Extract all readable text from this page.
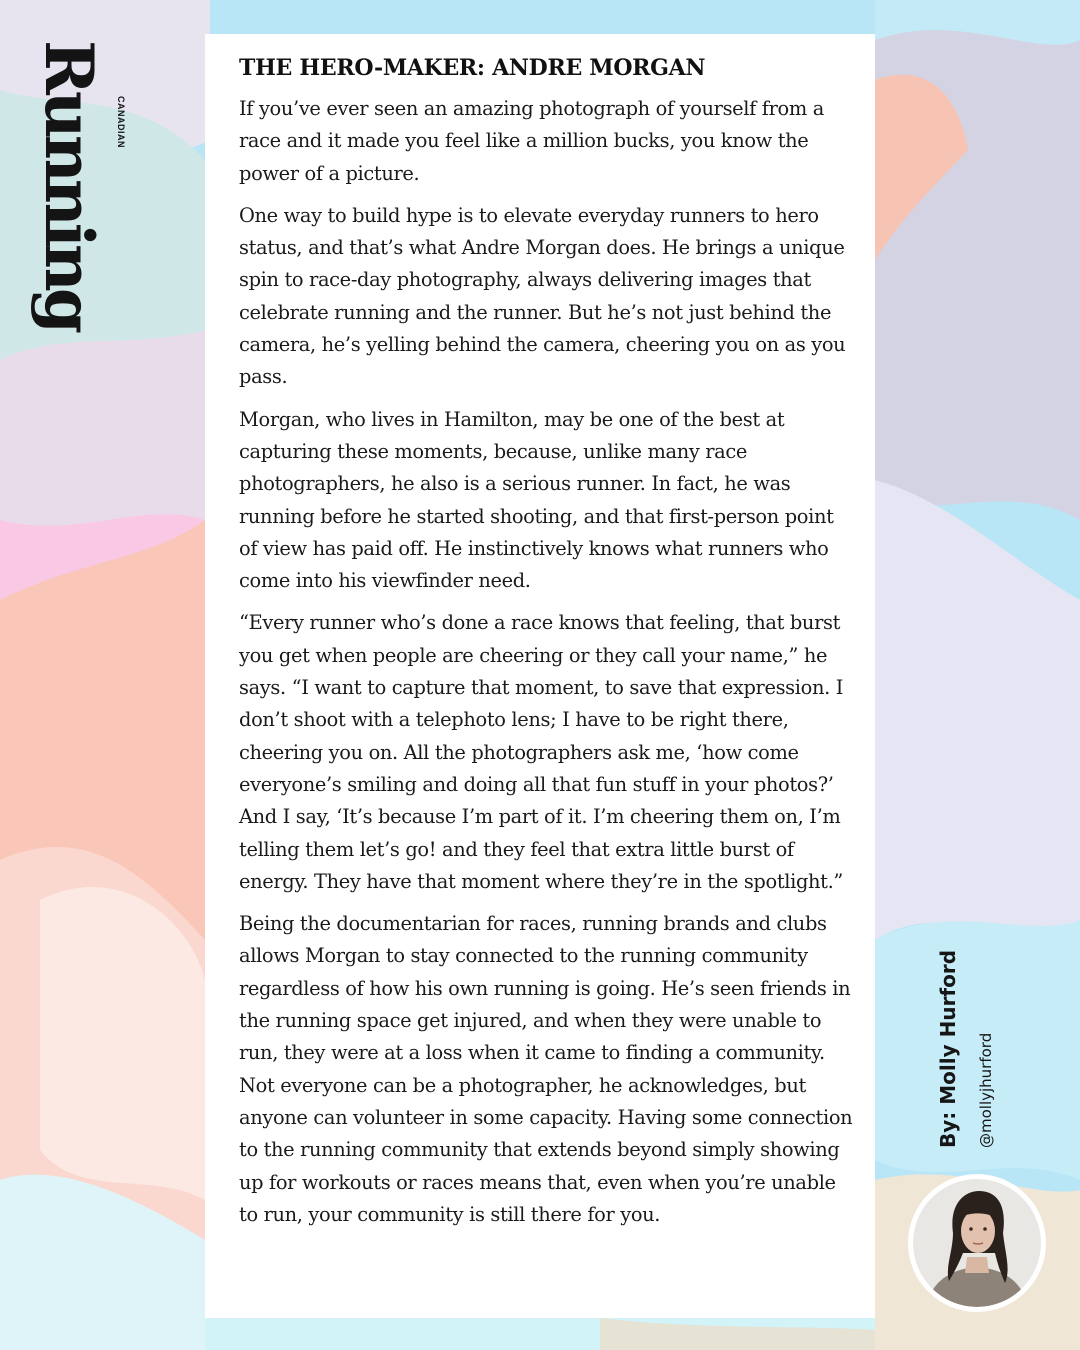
Running CANADIAN
THE HERO-MAKER: ANDRE MORGAN

If you’ve ever seen an amazing photograph of yourself from a race and it made you feel like a million bucks, you know the power of a picture.

One way to build hype is to elevate everyday runners to hero status, and that’s what Andre Morgan does. He brings a unique spin to race-day photography, always delivering images that celebrate running and the runner. But he’s not just behind the camera, he’s yelling behind the camera, cheering you on as you pass.

Morgan, who lives in Hamilton, may be one of the best at capturing these moments, because, unlike many race photographers, he also is a serious runner. In fact, he was running before he started shooting, and that first-person point of view has paid off. He instinctively knows what runners who come into his viewfinder need.

“Every runner who’s done a race knows that feeling, that burst you get when people are cheering or they call your name,” he says. “I want to capture that moment, to save that expression. I don’t shoot with a telephoto lens; I have to be right there, cheering you on. All the photographers ask me, ‘how come everyone’s smiling and doing all that fun stuff in your photos?’ And I say, ‘It’s because I’m part of it. I’m cheering them on, I’m telling them let’s go! and they feel that extra little burst of energy. They have that moment where they’re in the spotlight.”

Being the documentarian for races, running brands and clubs allows Morgan to stay connected to the running community regardless of how his own running is going. He’s seen friends in the running space get injured, and when they were unable to run, they were at a loss when it came to finding a community. Not everyone can be a photographer, he acknowledges, but anyone can volunteer in some capacity. Having some connection to the running community that extends beyond simply showing up for workouts or races means that, even when you’re unable to run, your community is still there for you.

By: Molly Hurford @mollyjhurford
